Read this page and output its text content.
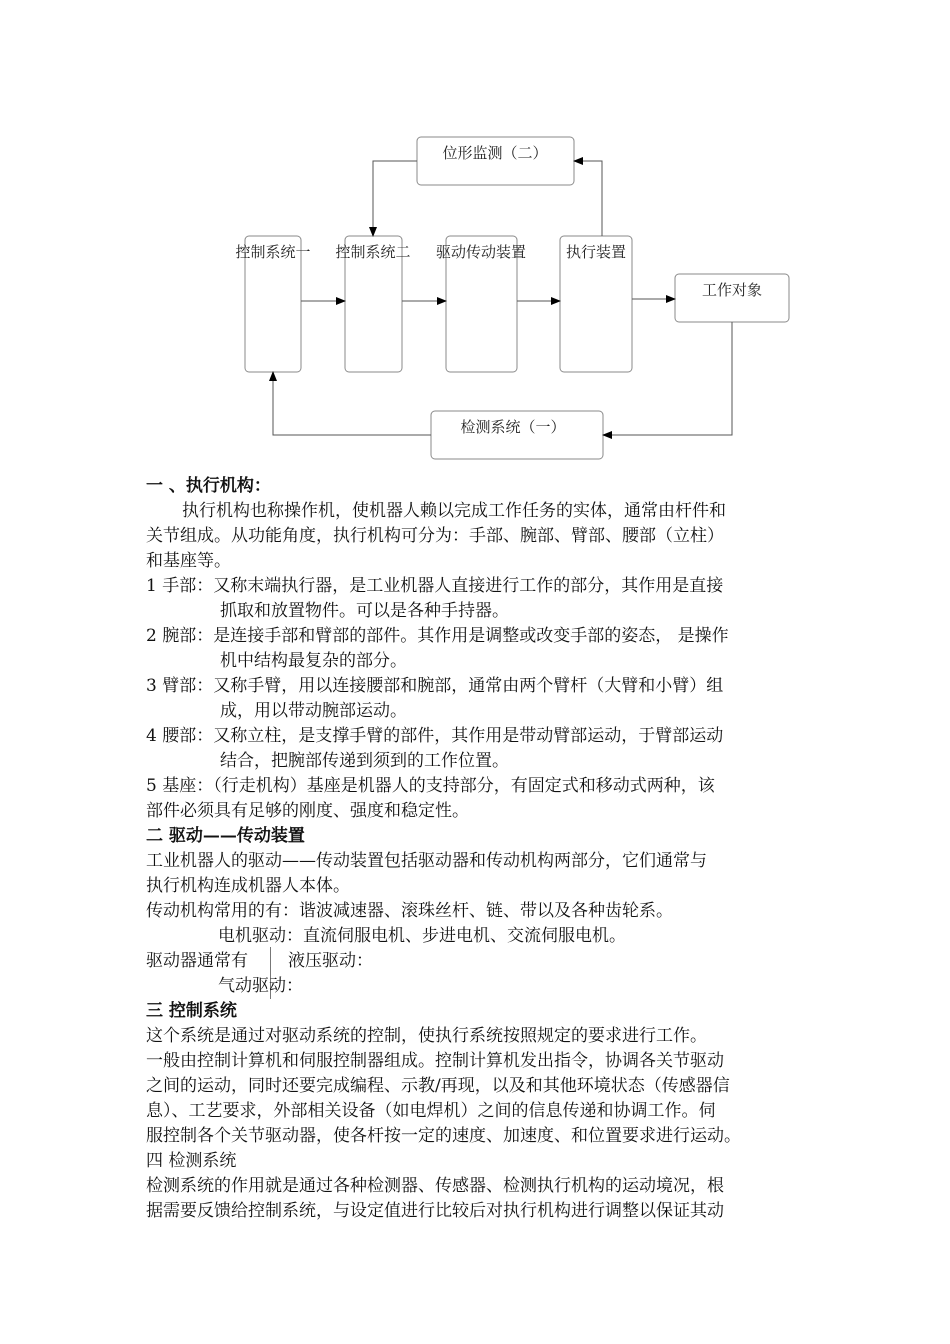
位形监测（二）
控制系统一 控制系统二 驱动传动装置	执行装置
工作对象
检测系统（一）
一 、执行机构：
执行机构也称操作机，使机器人赖以完成工作任务的实体，通常由杆件和
关节组成。从功能角度，执行机构可分为：手部、腕部、臂部、腰部（立柱）
和基座等。
1 手部： 又称末端执行器，是工业机器人直接进行工作的部分，其作用是直接
抓取和放置物件。可以是各种手持器。
2 腕部： 是连接手部和臂部的部件。其作用是调整或改变手部的姿态， 是操作
机中结构最复杂的部分。
3 臂部： 又称手臂，用以连接腰部和腕部，通常由两个臂杆（大臂和小臂）组
成，用以带动腕部运动。
4 腰部： 又称立柱，是支撑手臂的部件，其作用是带动臂部运动，于臂部运动
结合，把腕部传递到须到的工作位置。
5 基座：（行走机构）基座是机器人的支持部分，有固定式和移动式两种，该
部件必须具有足够的刚度、强度和稳定性。
二 驱动——传动装置
工业机器人的驱动——传动装置包括驱动器和传动机构两部分，它们通常与
执行机构连成机器人本体。
传动机构常用的有：谐波减速器、滚珠丝杆、链、带以及各种齿轮系。
电机驱动：直流伺服电机、步进电机、交流伺服电机。
驱动器通常有 液压驱动：
气动驱动：
三 控制系统
这个系统是通过对驱动系统的控制，使执行系统按照规定的要求进行工作。
一般由控制计算机和伺服控制器组成。控制计算机发出指令，协调各关节驱动
之间的运动，同时还要完成编程、示教/再现，以及和其他环境状态（传感器信
息）、工艺要求，外部相关设备（如电焊机）之间的信息传递和协调工作。伺
服控制各个关节驱动器，使各杆按一定的速度、加速度、和位置要求进行运动。
四 检测系统
检测系统的作用就是通过各种检测器、传感器、检测执行机构的运动境况，根
据需要反馈给控制系统，与设定值进行比较后对执行机构进行调整以保证其动
